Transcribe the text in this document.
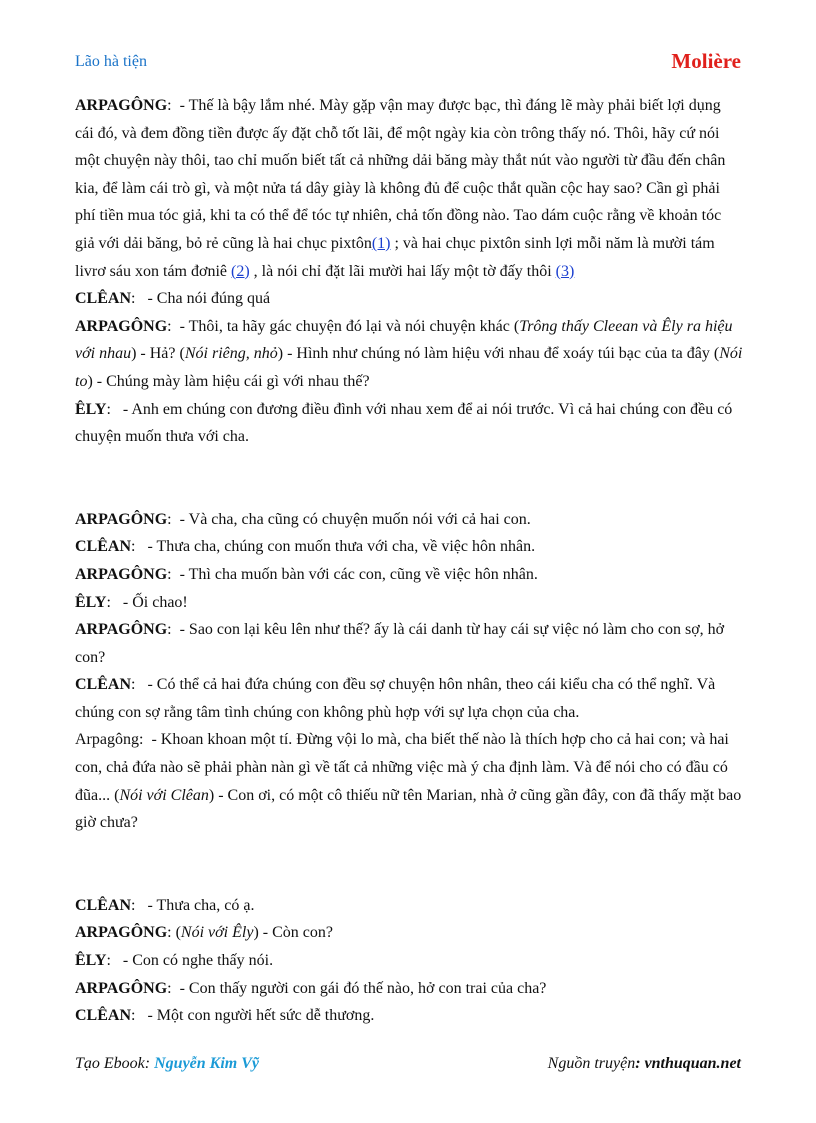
Lão hà tiện	Molière

ARPAGÔNG:  - Thế là bậy lắm nhé. Mày gặp vận may được bạc, thì đáng lẽ mày phải biết lợi dụng cái đó, và đem đồng tiền được ấy đặt chỗ tốt lãi, để một ngày kia còn trông thấy nó. Thôi, hãy cứ nói một chuyện này thôi, tao chỉ muốn biết tất cả những dải băng mày thắt nút vào người từ đầu đến chân kia, để làm cái trò gì, và một nửa tá dây giày là không đủ để cuộc thắt quần cộc hay sao? Cần gì phải phí tiền mua tóc giả, khi ta có thể để tóc tự nhiên, chả tốn đồng nào. Tao dám cuộc rằng về khoản tóc giả với dải băng, bỏ rẻ cũng là hai chục pixtôn(1) ; và hai chục pixtôn sinh lợi mỗi năm là mười tám livrơ sáu xon tám đơniê (2) , là nói chỉ đặt lãi mười hai lấy một tờ đấy thôi (3)

CLÊAN:   - Cha nói đúng quá

ARPAGÔNG:  - Thôi, ta hãy gác chuyện đó lại và nói chuyện khác (Trông thấy Cleean và Êly ra hiệu với nhau) - Hả? (Nói riêng, nhỏ) - Hình như chúng nó làm hiệu với nhau để xoáy túi bạc của ta đây (Nói to) - Chúng mày làm hiệu cái gì với nhau thế?

ÊLY:   - Anh em chúng con đương điều đình với nhau xem để ai nói trước. Vì cả hai chúng con đều có chuyện muốn thưa với cha.

ARPAGÔNG:  - Và cha, cha cũng có chuyện muốn nói với cả hai con.

CLÊAN:   - Thưa cha, chúng con muốn thưa với cha, về việc hôn nhân.

ARPAGÔNG:  - Thì cha muốn bàn với các con, cũng về việc hôn nhân.

ÊLY:   - Ối chao!

ARPAGÔNG:  - Sao con lại kêu lên như thế? ấy là cái danh từ hay cái sự việc nó làm cho con sợ, hở con?

CLÊAN:   - Có thể cả hai đứa chúng con đều sợ chuyện hôn nhân, theo cái kiểu cha có thể nghĩ. Và chúng con sợ rằng tâm tình chúng con không phù hợp với sự lựa chọn của cha.

Arpagông:  - Khoan khoan một tí. Đừng vội lo mà, cha biết thế nào là thích hợp cho cả hai con; và hai con, chả đứa nào sẽ phải phàn nàn gì về tất cả những việc mà ý cha định làm. Và để nói cho có đầu có đũa... (Nói với Clêan) - Con ơi, có một cô thiếu nữ tên Marian, nhà ở cũng gần đây, con đã thấy mặt bao giờ chưa?

CLÊAN:   - Thưa cha, có ạ.

ARPAGÔNG: (Nói với Êly) - Còn con?

ÊLY:   - Con có nghe thấy nói.

ARPAGÔNG:  - Con thấy người con gái đó thế nào, hở con trai của cha?

CLÊAN:   - Một con người hết sức dễ thương.

Tạo Ebook: Nguyễn Kim Vỹ	Nguồn truyện: vnthuquan.net
